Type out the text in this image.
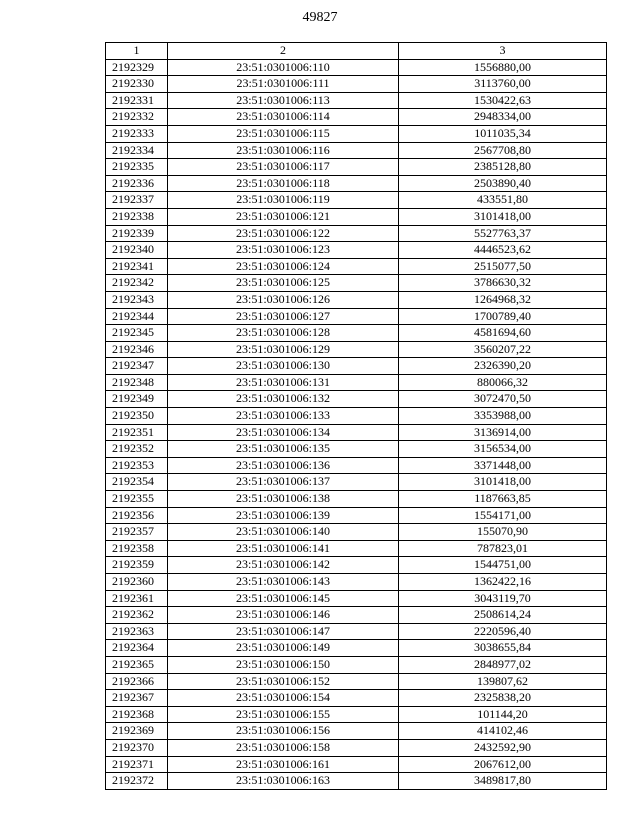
49827
1	2	3
2192329	23:51:0301006:110	1556880,00
2192330	23:51:0301006:111	3113760,00
2192331	23:51:0301006:113	1530422,63
2192332	23:51:0301006:114	2948334,00
2192333	23:51:0301006:115	1011035,34
2192334	23:51:0301006:116	2567708,80
2192335	23:51:0301006:117	2385128,80
2192336	23:51:0301006:118	2503890,40
2192337	23:51:0301006:119	433551,80
2192338	23:51:0301006:121	3101418,00
2192339	23:51:0301006:122	5527763,37
2192340	23:51:0301006:123	4446523,62
2192341	23:51:0301006:124	2515077,50
2192342	23:51:0301006:125	3786630,32
2192343	23:51:0301006:126	1264968,32
2192344	23:51:0301006:127	1700789,40
2192345	23:51:0301006:128	4581694,60
2192346	23:51:0301006:129	3560207,22
2192347	23:51:0301006:130	2326390,20
2192348	23:51:0301006:131	880066,32
2192349	23:51:0301006:132	3072470,50
2192350	23:51:0301006:133	3353988,00
2192351	23:51:0301006:134	3136914,00
2192352	23:51:0301006:135	3156534,00
2192353	23:51:0301006:136	3371448,00
2192354	23:51:0301006:137	3101418,00
2192355	23:51:0301006:138	1187663,85
2192356	23:51:0301006:139	1554171,00
2192357	23:51:0301006:140	155070,90
2192358	23:51:0301006:141	787823,01
2192359	23:51:0301006:142	1544751,00
2192360	23:51:0301006:143	1362422,16
2192361	23:51:0301006:145	3043119,70
2192362	23:51:0301006:146	2508614,24
2192363	23:51:0301006:147	2220596,40
2192364	23:51:0301006:149	3038655,84
2192365	23:51:0301006:150	2848977,02
2192366	23:51:0301006:152	139807,62
2192367	23:51:0301006:154	2325838,20
2192368	23:51:0301006:155	101144,20
2192369	23:51:0301006:156	414102,46
2192370	23:51:0301006:158	2432592,90
2192371	23:51:0301006:161	2067612,00
2192372	23:51:0301006:163	3489817,80
